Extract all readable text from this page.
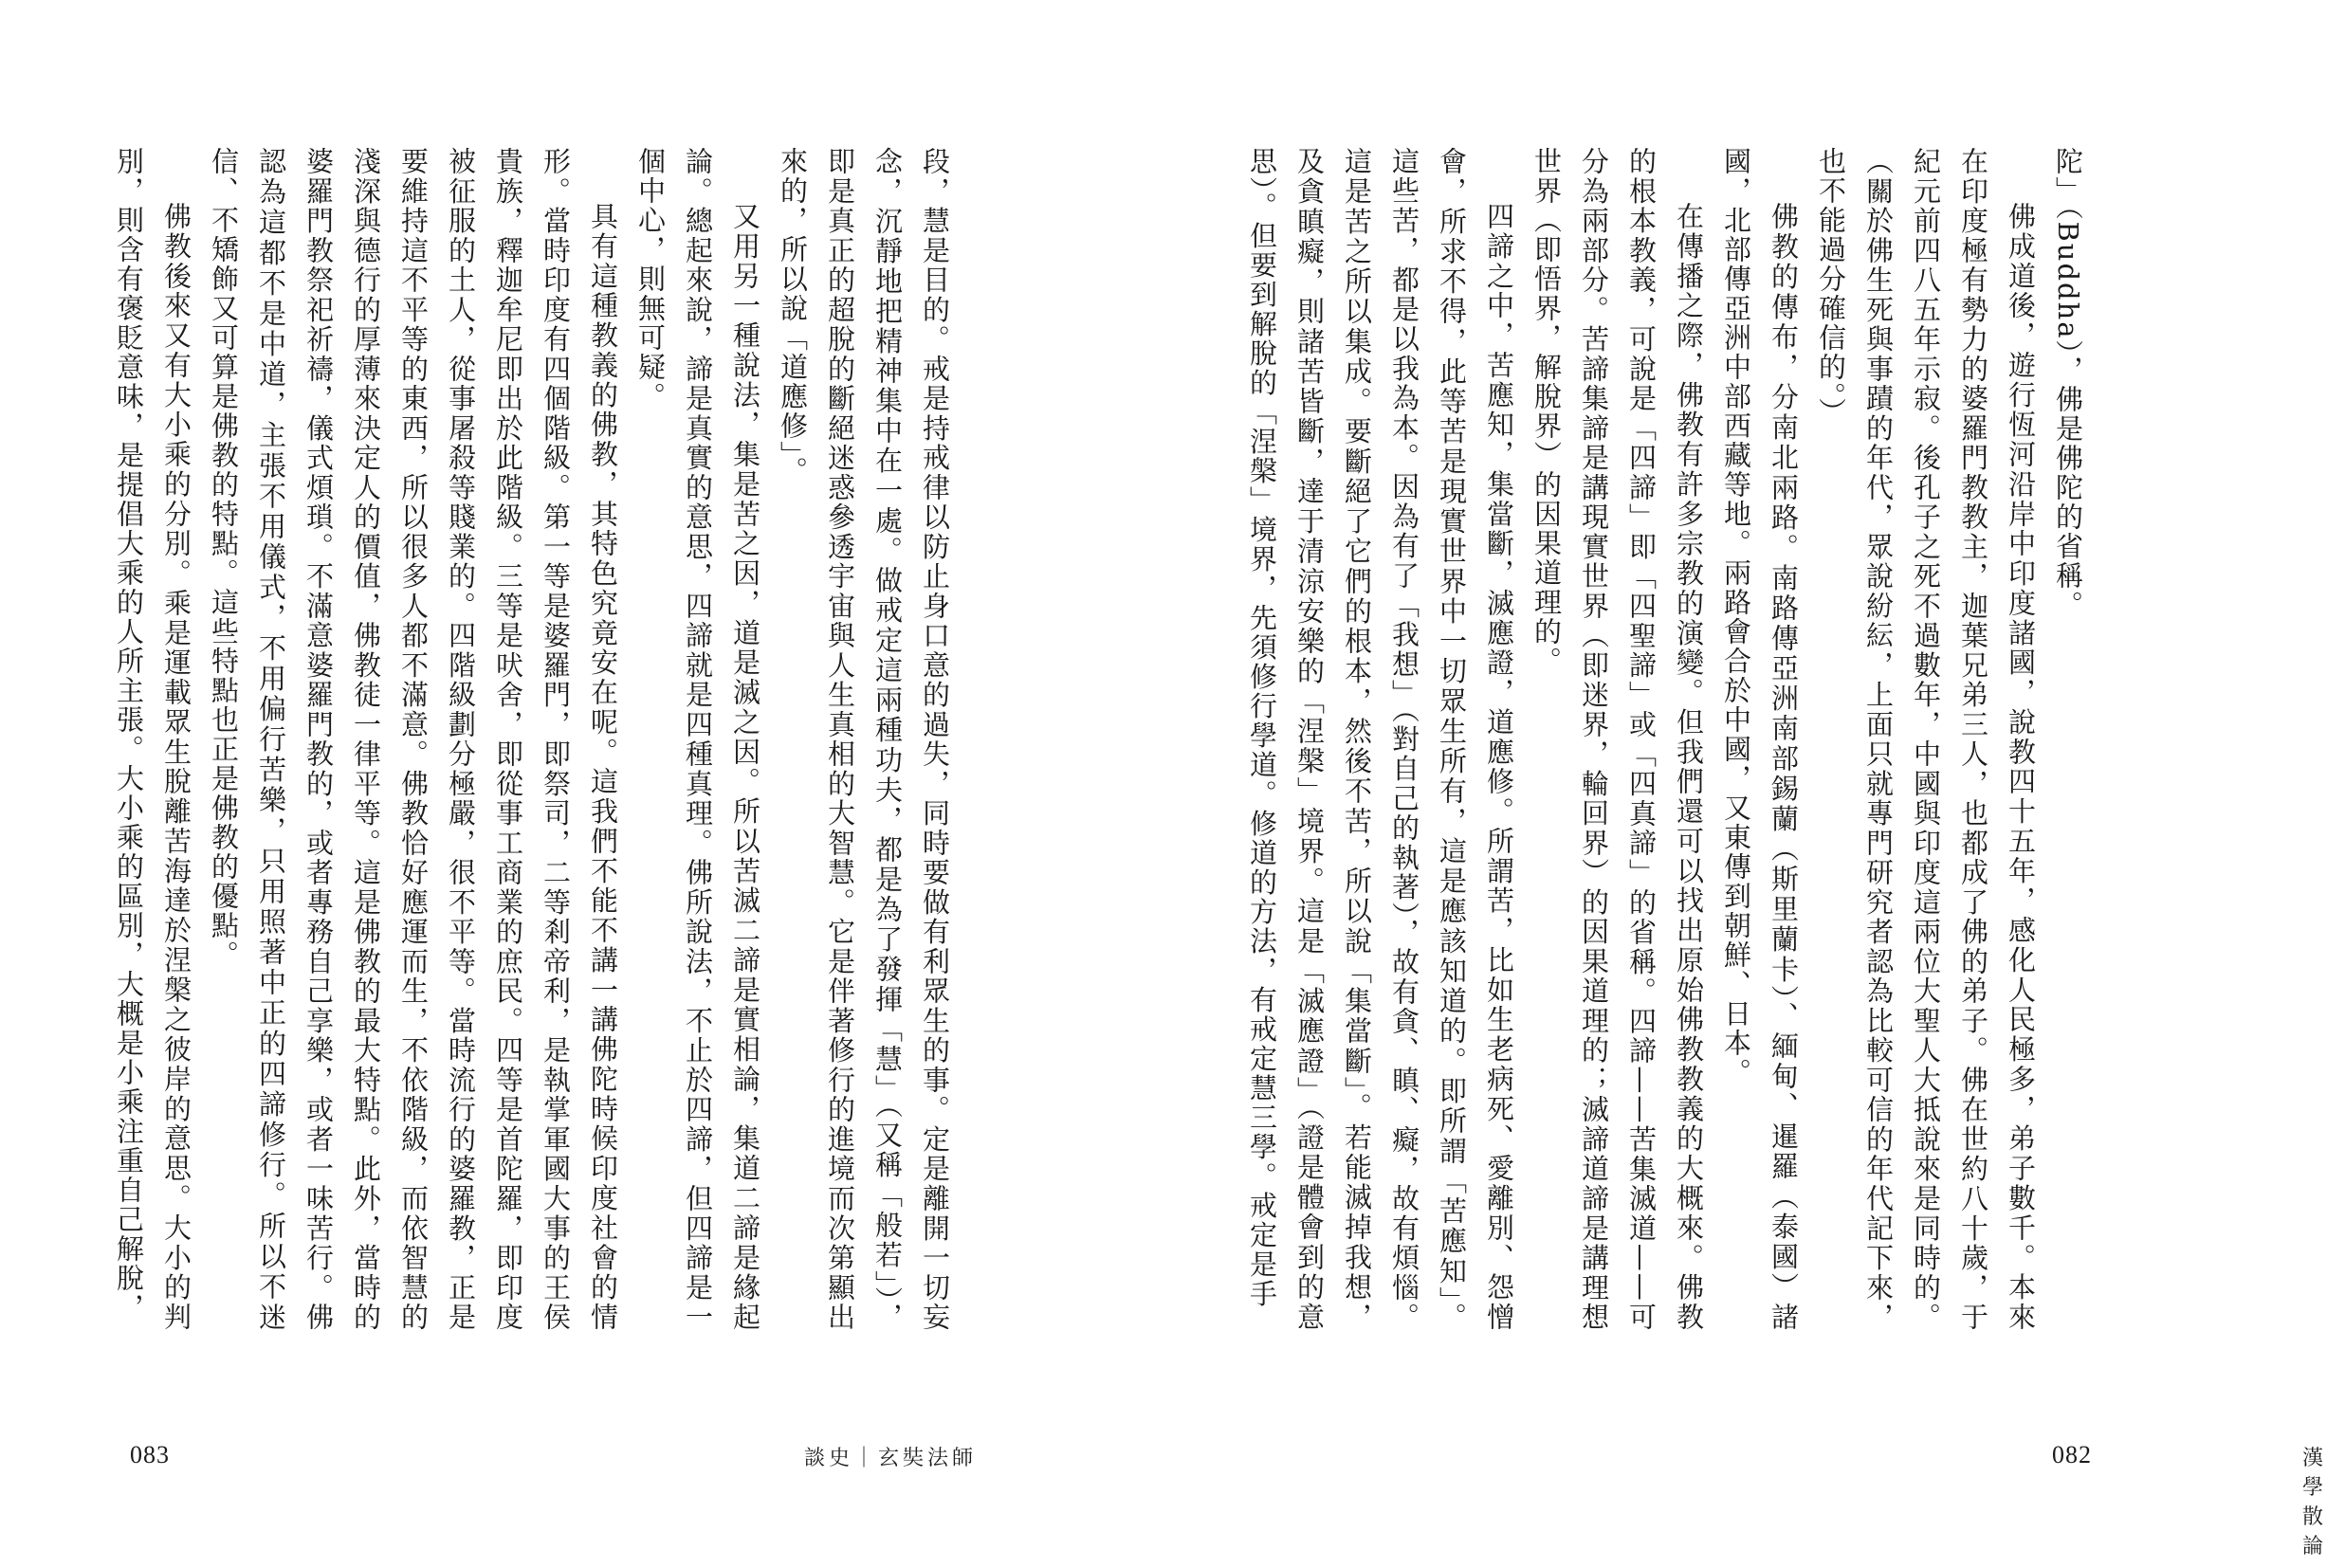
段，慧是目的。戒是持戒律以防止身口意的過失，同時要做有利眾生的事。定是離開一切妄念，沉靜地把精神集中在一處。做戒定這兩種功夫，都是為了發揮「慧」（又稱「般若」），即是真正的超脫的斷絕迷惑參透宇宙與人生真相的大智慧。它是伴著修行的進境而次第顯出來的，所以說「道應修」。

又用另一種說法，集是苦之因，道是滅之因。所以苦滅二諦是實相論，集道二諦是緣起論。總起來說，諦是真實的意思，四諦就是四種真理。佛所說法，不止於四諦，但四諦是一個中心，則無可疑。

具有這種教義的佛教，其特色究竟安在呢。這我們不能不講一講佛陀時候印度社會的情形。當時印度有四個階級。第一等是婆羅門，即祭司，二等剎帝利，是執掌軍國大事的王侯貴族，釋迦牟尼即出於此階級。三等是吠舍，即從事工商業的庶民。四等是首陀羅，即印度被征服的土人，從事屠殺等賤業的。四階級劃分極嚴，很不平等。當時流行的婆羅教，正是要維持這不平等的東西，所以很多人都不滿意。佛教恰好應運而生，不依階級，而依智慧的淺深與德行的厚薄來決定人的價值，佛教徒一律平等。這是佛教的最大特點。此外，當時的婆羅門教祭祀祈禱，儀式煩瑣。不滿意婆羅門教的，或者專務自己享樂，或者一味苦行。佛認為這都不是中道，主張不用儀式，不用偏行苦樂，只用照著中正的四諦修行。所以不迷信、不矯飾又可算是佛教的特點。這些特點也正是佛教的優點。

佛教後來又有大小乘的分別。乘是運載眾生脫離苦海達於涅槃之彼岸的意思。大小的判別，則含有褒貶意味，是提倡大乘的人所主張。大小乘的區別，大概是小乘注重自己解脫，

083	談史｜玄奘法師

陀」（Buddha），佛是佛陀的省稱。

佛成道後，遊行恆河沿岸中印度諸國，說教四十五年，感化人民極多，弟子數千。本來在印度極有勢力的婆羅門教教主，迦葉兄弟三人，也都成了佛的弟子。佛在世約八十歲，于紀元前四八五年示寂。後孔子之死不過數年，中國與印度這兩位大聖人大抵說來是同時的。（關於佛生死與事蹟的年代，眾說紛紜，上面只就專門研究者認為比較可信的年代記下來，也不能過分確信的。）

佛教的傳布，分南北兩路。南路傳亞洲南部錫蘭（斯里蘭卡）、緬甸、暹羅（泰國）諸國，北部傳亞洲中部西藏等地。兩路會合於中國，又東傳到朝鮮、日本。

在傳播之際，佛教有許多宗教的演變。但我們還可以找出原始佛教教義的大概來。佛教的根本教義，可說是「四諦」即「四聖諦」或「四真諦」的省稱。四諦——苦集滅道——可分為兩部分。苦諦集諦是講現實世界（即迷界，輪回界）的因果道理的；滅諦道諦是講理想世界（即悟界，解脫界）的因果道理的。

四諦之中，苦應知，集當斷，滅應證，道應修。所謂苦，比如生老病死、愛離別、怨憎會，所求不得，此等苦是現實世界中一切眾生所有，這是應該知道的。即所謂「苦應知」。這些苦，都是以我為本。因為有了「我想」（對自己的執著），故有貪、瞋、癡，故有煩惱。這是苦之所以集成。要斷絕了它們的根本，然後不苦，所以說「集當斷」。若能滅掉我想，及貪瞋癡，則諸苦皆斷，達于清涼安樂的「涅槃」境界。這是「滅應證」（證是體會到的意思）。但要到解脫的「涅槃」境界，先須修行學道。修道的方法，有戒定慧三學。戒定是手

漢學散論
082
